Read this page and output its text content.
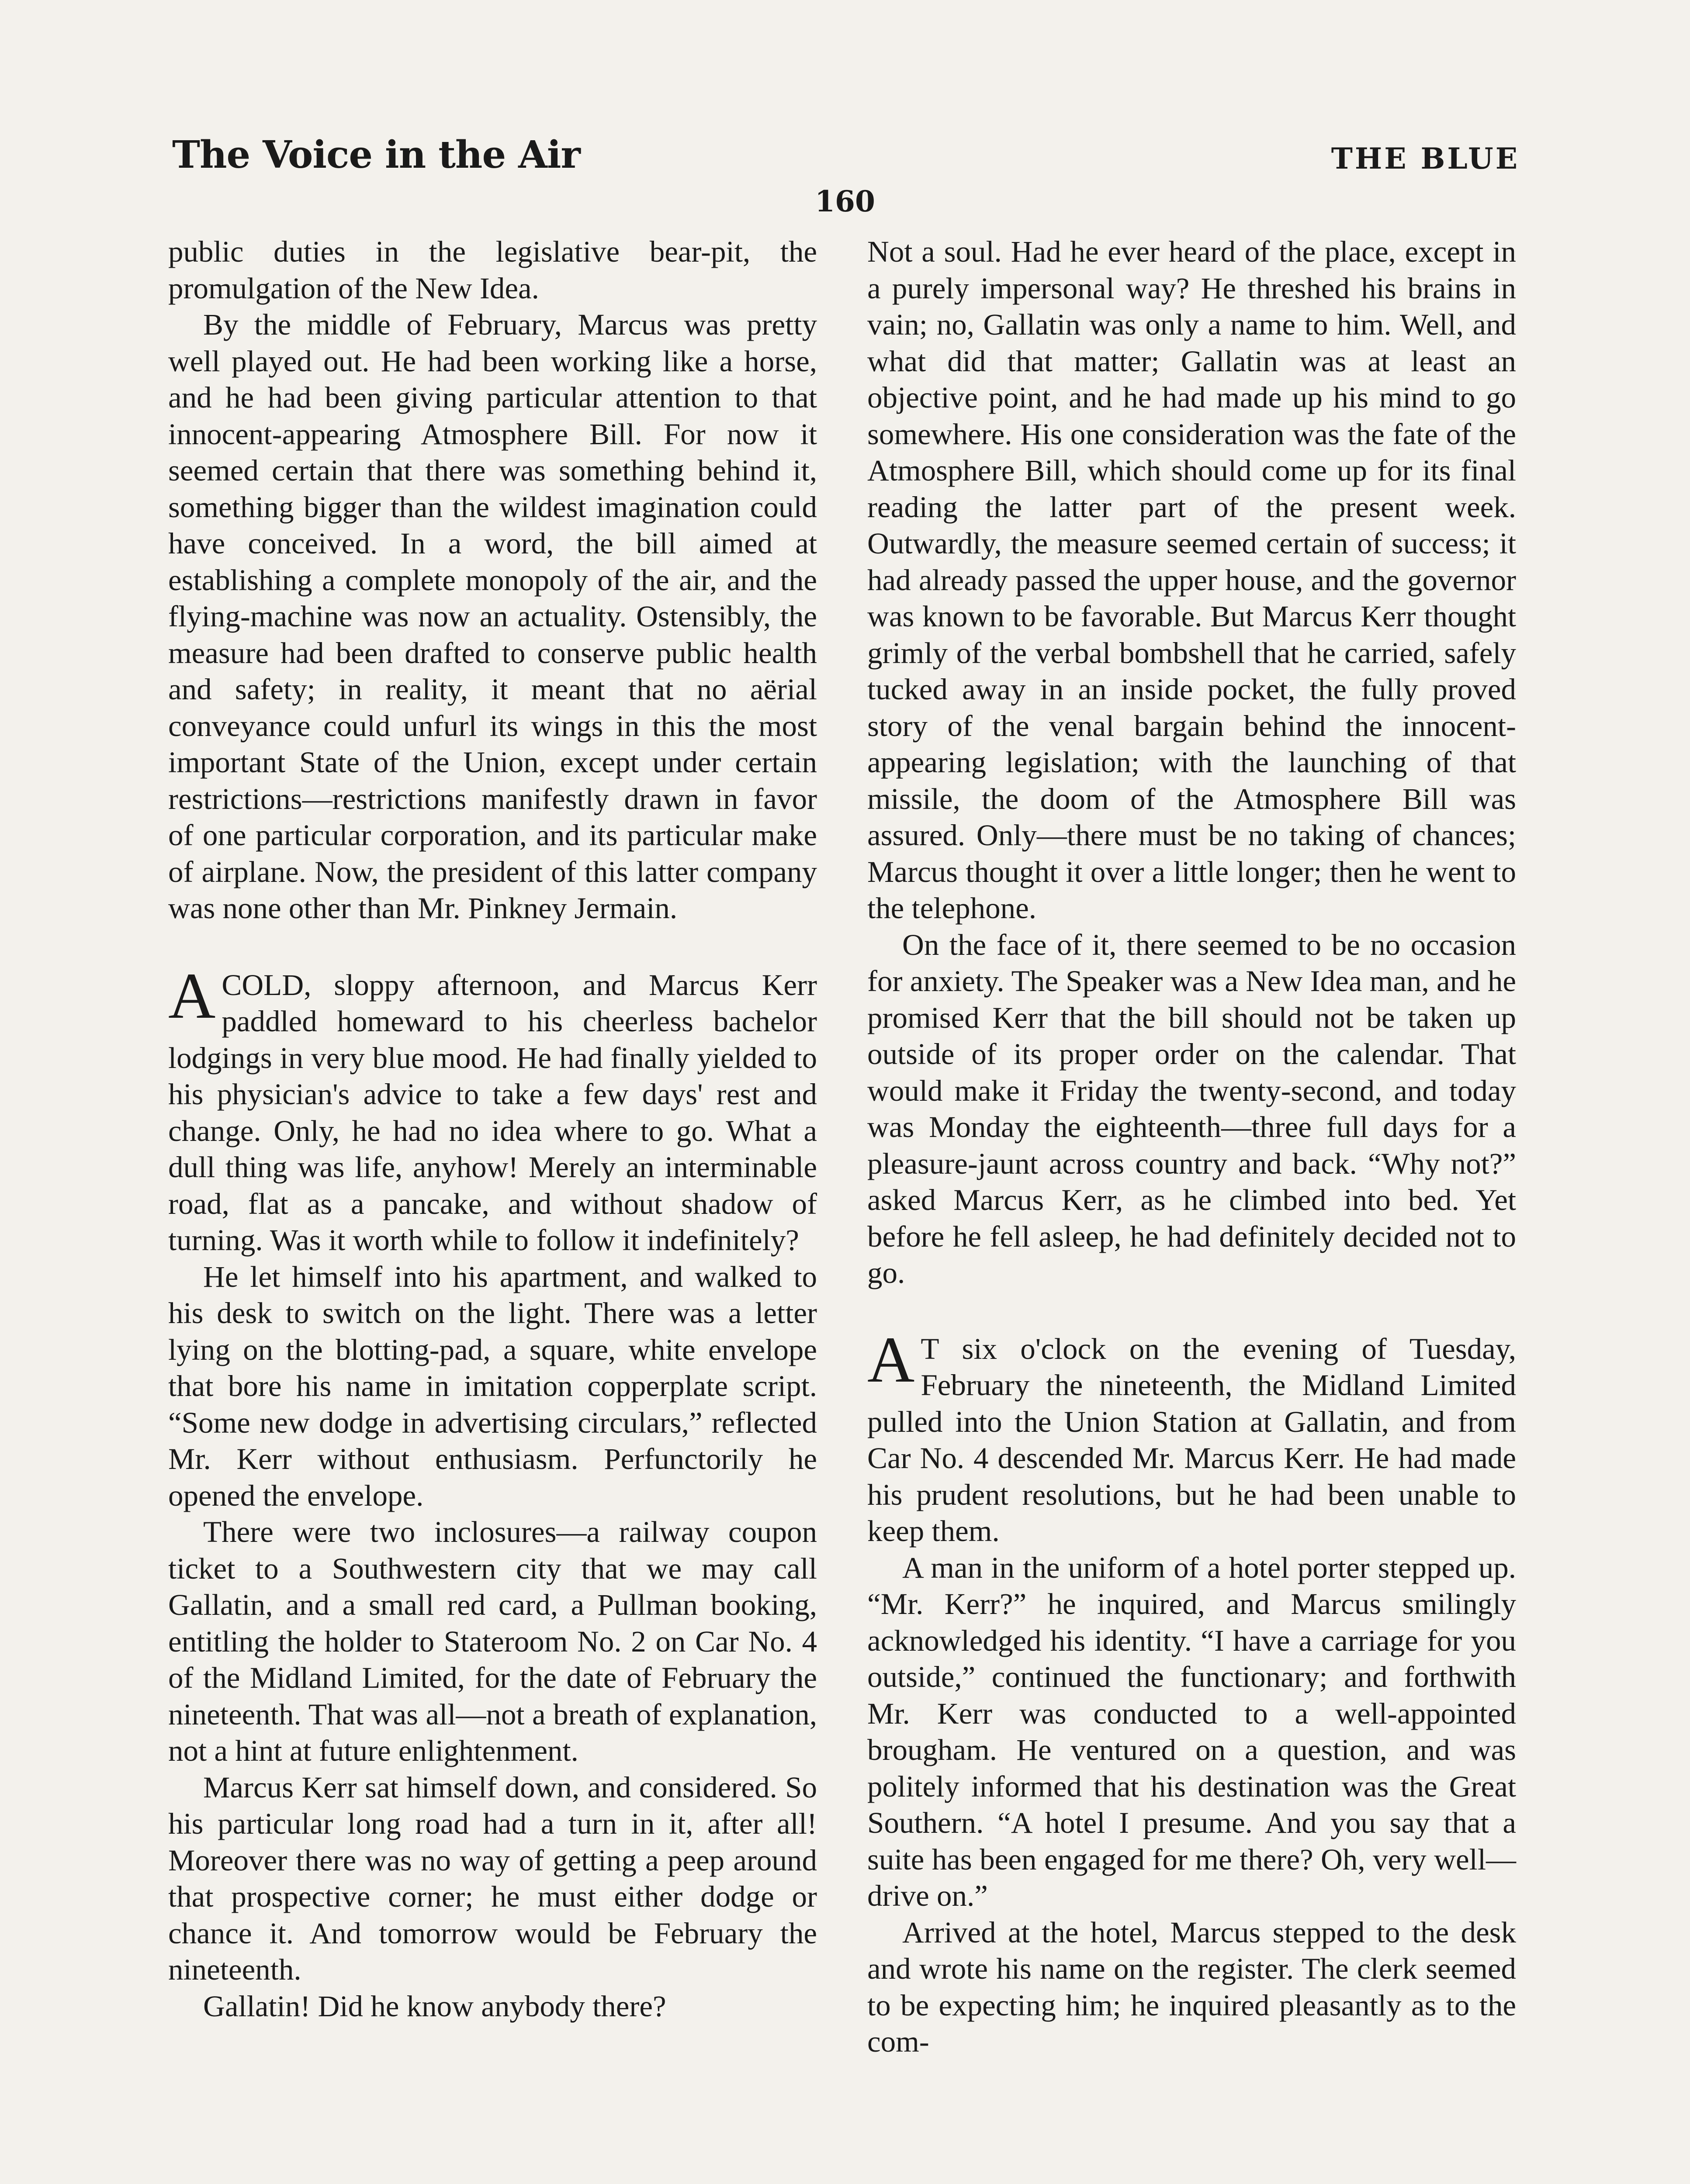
The Voice in the Air	THE BLUE
160

public duties in the legislative bear-pit, the promulgation of the New Idea.

By the middle of February, Marcus was pretty well played out. He had been working like a horse, and he had been giving particular attention to that innocent-appearing Atmosphere Bill. For now it seemed certain that there was something behind it, something bigger than the wildest imagination could have conceived. In a word, the bill aimed at establishing a complete monopoly of the air, and the flying-machine was now an actuality. Ostensibly, the measure had been drafted to conserve public health and safety; in reality, it meant that no aërial conveyance could unfurl its wings in this the most important State of the Union, except under certain restrictions—restrictions manifestly drawn in favor of one particular corporation, and its particular make of airplane. Now, the president of this latter company was none other than Mr. Pinkney Jermain.

A COLD, sloppy afternoon, and Marcus Kerr paddled homeward to his cheerless bachelor lodgings in very blue mood. He had finally yielded to his physician's advice to take a few days' rest and change. Only, he had no idea where to go. What a dull thing was life, anyhow! Merely an interminable road, flat as a pancake, and without shadow of turning. Was it worth while to follow it indefinitely?

He let himself into his apartment, and walked to his desk to switch on the light. There was a letter lying on the blotting-pad, a square, white envelope that bore his name in imitation copperplate script. “Some new dodge in advertising circulars,” reflected Mr. Kerr without enthusiasm. Perfunctorily he opened the envelope.

There were two inclosures—a railway coupon ticket to a Southwestern city that we may call Gallatin, and a small red card, a Pullman booking, entitling the holder to Stateroom No. 2 on Car No. 4 of the Midland Limited, for the date of February the nineteenth. That was all—not a breath of explanation, not a hint at future enlightenment.

Marcus Kerr sat himself down, and considered. So his particular long road had a turn in it, after all! Moreover there was no way of getting a peep around that prospective corner; he must either dodge or chance it. And tomorrow would be February the nineteenth.

Gallatin! Did he know anybody there?

Not a soul. Had he ever heard of the place, except in a purely impersonal way? He threshed his brains in vain; no, Gallatin was only a name to him. Well, and what did that matter; Gallatin was at least an objective point, and he had made up his mind to go somewhere. His one consideration was the fate of the Atmosphere Bill, which should come up for its final reading the latter part of the present week. Outwardly, the measure seemed certain of success; it had already passed the upper house, and the governor was known to be favorable. But Marcus Kerr thought grimly of the verbal bombshell that he carried, safely tucked away in an inside pocket, the fully proved story of the venal bargain behind the innocent-appearing legislation; with the launching of that missile, the doom of the Atmosphere Bill was assured. Only—there must be no taking of chances; Marcus thought it over a little longer; then he went to the telephone.

On the face of it, there seemed to be no occasion for anxiety. The Speaker was a New Idea man, and he promised Kerr that the bill should not be taken up outside of its proper order on the calendar. That would make it Friday the twenty-second, and today was Monday the eighteenth—three full days for a pleasure-jaunt across country and back. “Why not?” asked Marcus Kerr, as he climbed into bed. Yet before he fell asleep, he had definitely decided not to go.

A T six o'clock on the evening of Tuesday, February the nineteenth, the Midland Limited pulled into the Union Station at Gallatin, and from Car No. 4 descended Mr. Marcus Kerr. He had made his prudent resolutions, but he had been unable to keep them.

A man in the uniform of a hotel porter stepped up. “Mr. Kerr?” he inquired, and Marcus smilingly acknowledged his identity. “I have a carriage for you outside,” continued the functionary; and forthwith Mr. Kerr was conducted to a well-appointed brougham. He ventured on a question, and was politely informed that his destination was the Great Southern. “A hotel I presume. And you say that a suite has been engaged for me there? Oh, very well—drive on.”

Arrived at the hotel, Marcus stepped to the desk and wrote his name on the register. The clerk seemed to be expecting him; he inquired pleasantly as to the com-
